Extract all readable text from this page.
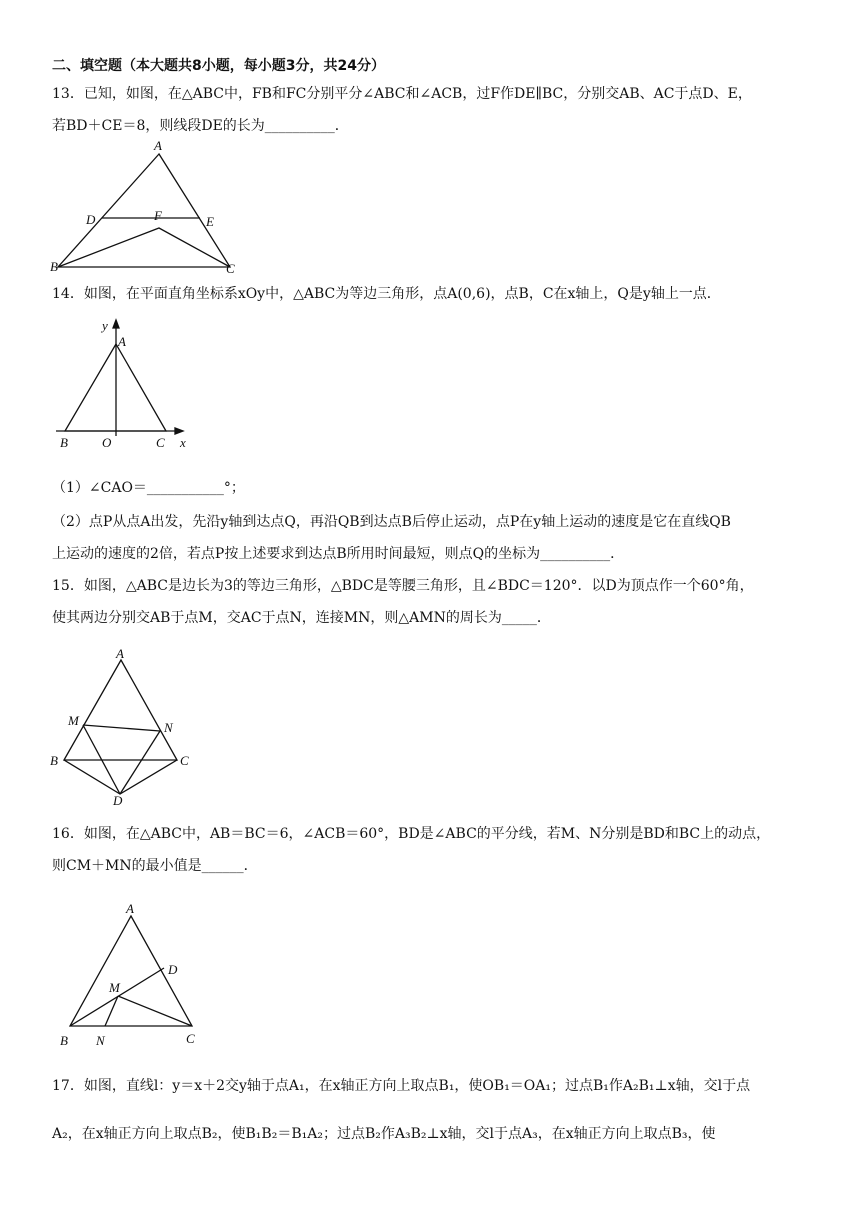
二、填空题（本大题共8小题，每小题3分，共24分）
13．已知，如图，在△ABC中，FB和FC分别平分∠ABC和∠ACB，过F作DE∥BC，分别交AB、AC于点D、E，
若BD＋CE＝8，则线段DE的长为__________．
A
D	F	E
B	C
14．如图，在平面直角坐标系xOy中，△ABC为等边三角形，点A(0,6)，点B，C在x轴上，Q是y轴上一点．
y
A
x
B	O	C
（1）∠CAO＝___________°；
（2）点P从点A出发，先沿y轴到达点Q，再沿QB到达点B后停止运动，点P在y轴上运动的速度是它在直线QB
上运动的速度的2倍，若点P按上述要求到达点B所用时间最短，则点Q的坐标为__________．
15．如图，△ABC是边长为3的等边三角形，△BDC是等腰三角形，且∠BDC＝120°．以D为顶点作一个60°角，
使其两边分别交AB于点M，交AC于点N，连接MN，则△AMN的周长为_____．
A
M	N
B	C
D
16．如图，在△ABC中，AB＝BC＝6，∠ACB＝60°，BD是∠ABC的平分线，若M、N分别是BD和BC上的动点，
则CM＋MN的最小值是______．
A
D
M
B N	C
17．如图，直线l：y＝x＋2交y轴于点A₁，在x轴正方向上取点B₁，使OB₁＝OA₁；过点B₁作A₂B₁⊥x轴，交l于点
A₂，在x轴正方向上取点B₂，使B₁B₂＝B₁A₂；过点B₂作A₃B₂⊥x轴，交l于点A₃，在x轴正方向上取点B₃，使
